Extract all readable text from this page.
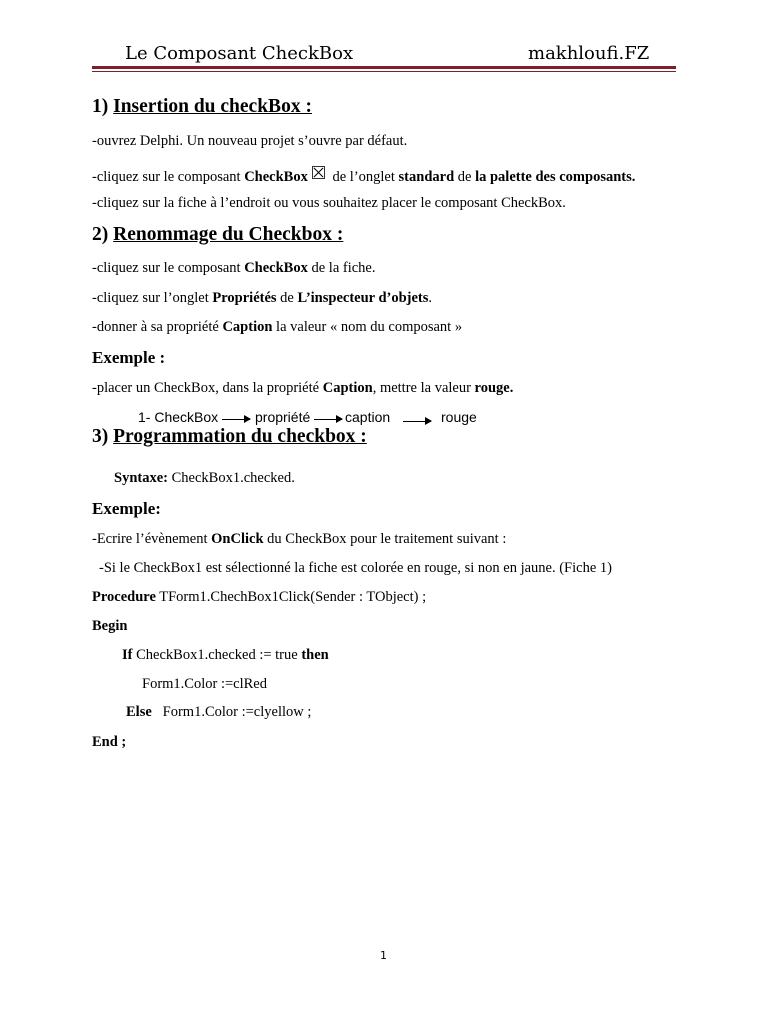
Le Composant CheckBox	makhloufi.FZ
1) Insertion du checkBox :
-ouvrez Delphi. Un nouveau projet s’ouvre par défaut.
-cliquez sur le composant CheckBox de l’onglet standard de la palette des composants.
-cliquez sur la fiche à l’endroit ou vous souhaitez placer le composant CheckBox.
2) Renommage du Checkbox :
-cliquez sur le composant CheckBox de la fiche.
-cliquez sur l’onglet Propriétés de L’inspecteur d’objets.
-donner à sa propriété Caption la valeur « nom du composant »
Exemple :
-placer un CheckBox, dans la propriété Caption, mettre la valeur rouge.
1- CheckBox	propriété caption	rouge
3) Programmation du checkbox :
Syntaxe: CheckBox1.checked.
Exemple:
-Ecrire l’évènement OnClick du CheckBox pour le traitement suivant :
-Si le CheckBox1 est sélectionné la fiche est colorée en rouge, si non en jaune. (Fiche 1)
Procedure TForm1.ChechBox1Click(Sender : TObject) ;
Begin
If CheckBox1.checked := true then
Form1.Color :=clRed
Else   Form1.Color :=clyellow ;
End ;
1
